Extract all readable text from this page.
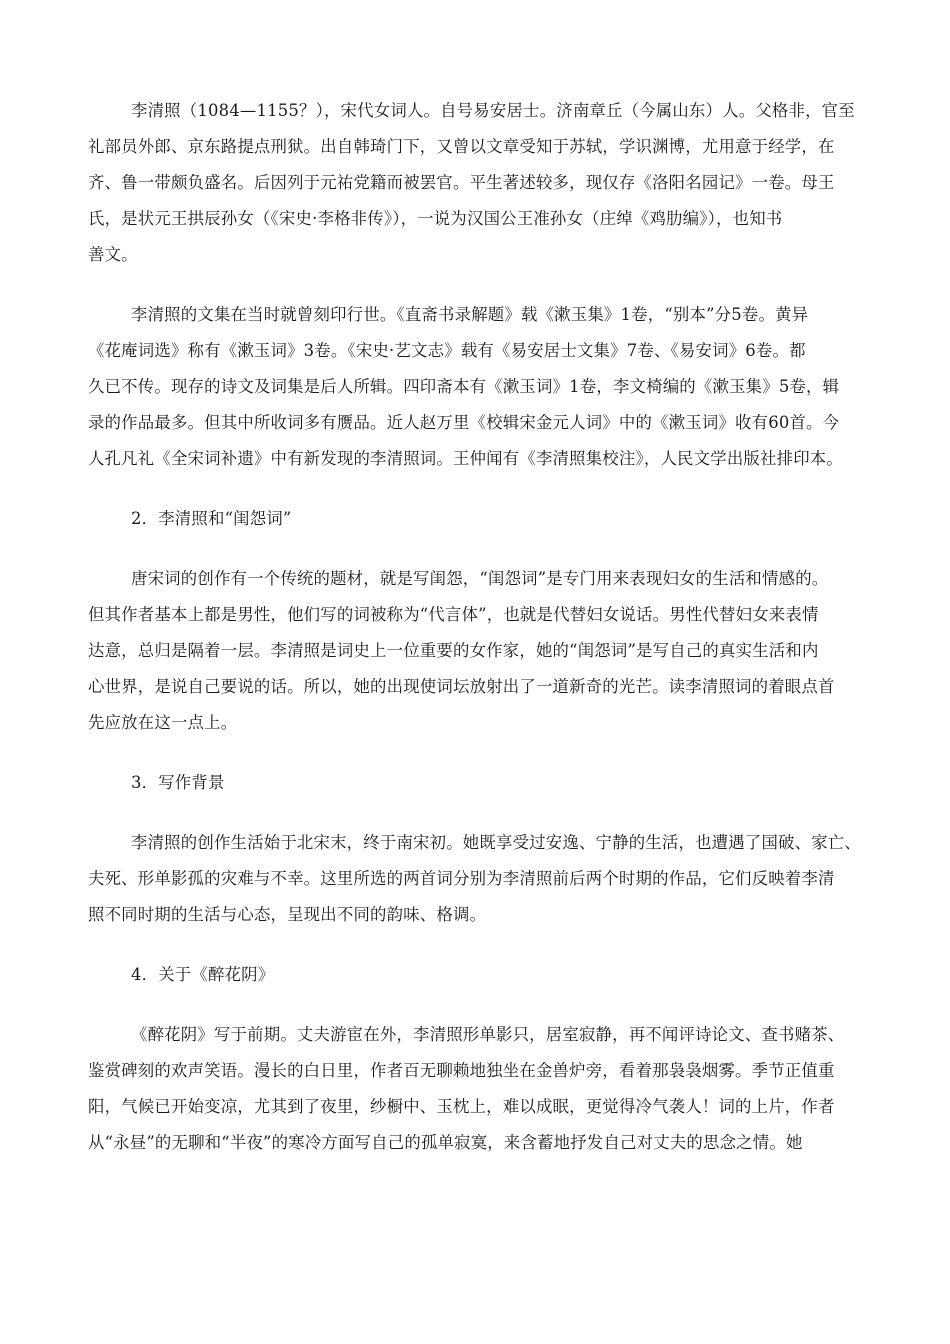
李清照（1084—1155？），宋代女词人。自号易安居士。济南章丘（今属山东）人。父格非，官至
礼部员外郎、京东路提点刑狱。出自韩琦门下，又曾以文章受知于苏轼，学识渊博，尤用意于经学，在
齐、鲁一带颇负盛名。后因列于元祐党籍而被罢官。平生著述较多，现仅存《洛阳名园记》一卷。母王
氏，是状元王拱辰孙女（《宋史·李格非传》），一说为汉国公王准孙女（庄绰《鸡肋编》），也知书
善文。
李清照的文集在当时就曾刻印行世。《直斋书录解题》载《漱玉集》1卷，“别本”分5卷。黄异
《花庵词选》称有《漱玉词》3卷。《宋史·艺文志》载有《易安居士文集》7卷、《易安词》6卷。都
久已不传。现存的诗文及词集是后人所辑。四印斋本有《漱玉词》1卷，李文椅编的《漱玉集》5卷，辑
录的作品最多。但其中所收词多有赝品。近人赵万里《校辑宋金元人词》中的《漱玉词》收有60首。今
人孔凡礼《全宋词补遗》中有新发现的李清照词。王仲闻有《李清照集校注》，人民文学出版社排印本。
2．李清照和“闺怨词”
唐宋词的创作有一个传统的题材，就是写闺怨，“闺怨词”是专门用来表现妇女的生活和情感的。
但其作者基本上都是男性，他们写的词被称为“代言体”，也就是代替妇女说话。男性代替妇女来表情
达意，总归是隔着一层。李清照是词史上一位重要的女作家，她的“闺怨词”是写自己的真实生活和内
心世界，是说自己要说的话。所以，她的出现使词坛放射出了一道新奇的光芒。读李清照词的着眼点首
先应放在这一点上。
3．写作背景
李清照的创作生活始于北宋末，终于南宋初。她既享受过安逸、宁静的生活，也遭遇了国破、家亡、
夫死、形单影孤的灾难与不幸。这里所选的两首词分别为李清照前后两个时期的作品，它们反映着李清
照不同时期的生活与心态，呈现出不同的韵味、格调。
4．关于《醉花阴》
《醉花阴》写于前期。丈夫游宦在外，李清照形单影只，居室寂静，再不闻评诗论文、查书赌茶、
鉴赏碑刻的欢声笑语。漫长的白日里，作者百无聊赖地独坐在金兽炉旁，看着那袅袅烟雾。季节正值重
阳，气候已开始变凉，尤其到了夜里，纱橱中、玉枕上，难以成眠，更觉得冷气袭人！词的上片，作者
从“永昼”的无聊和“半夜”的寒冷方面写自己的孤单寂寞，来含蓄地抒发自己对丈夫的思念之情。她
